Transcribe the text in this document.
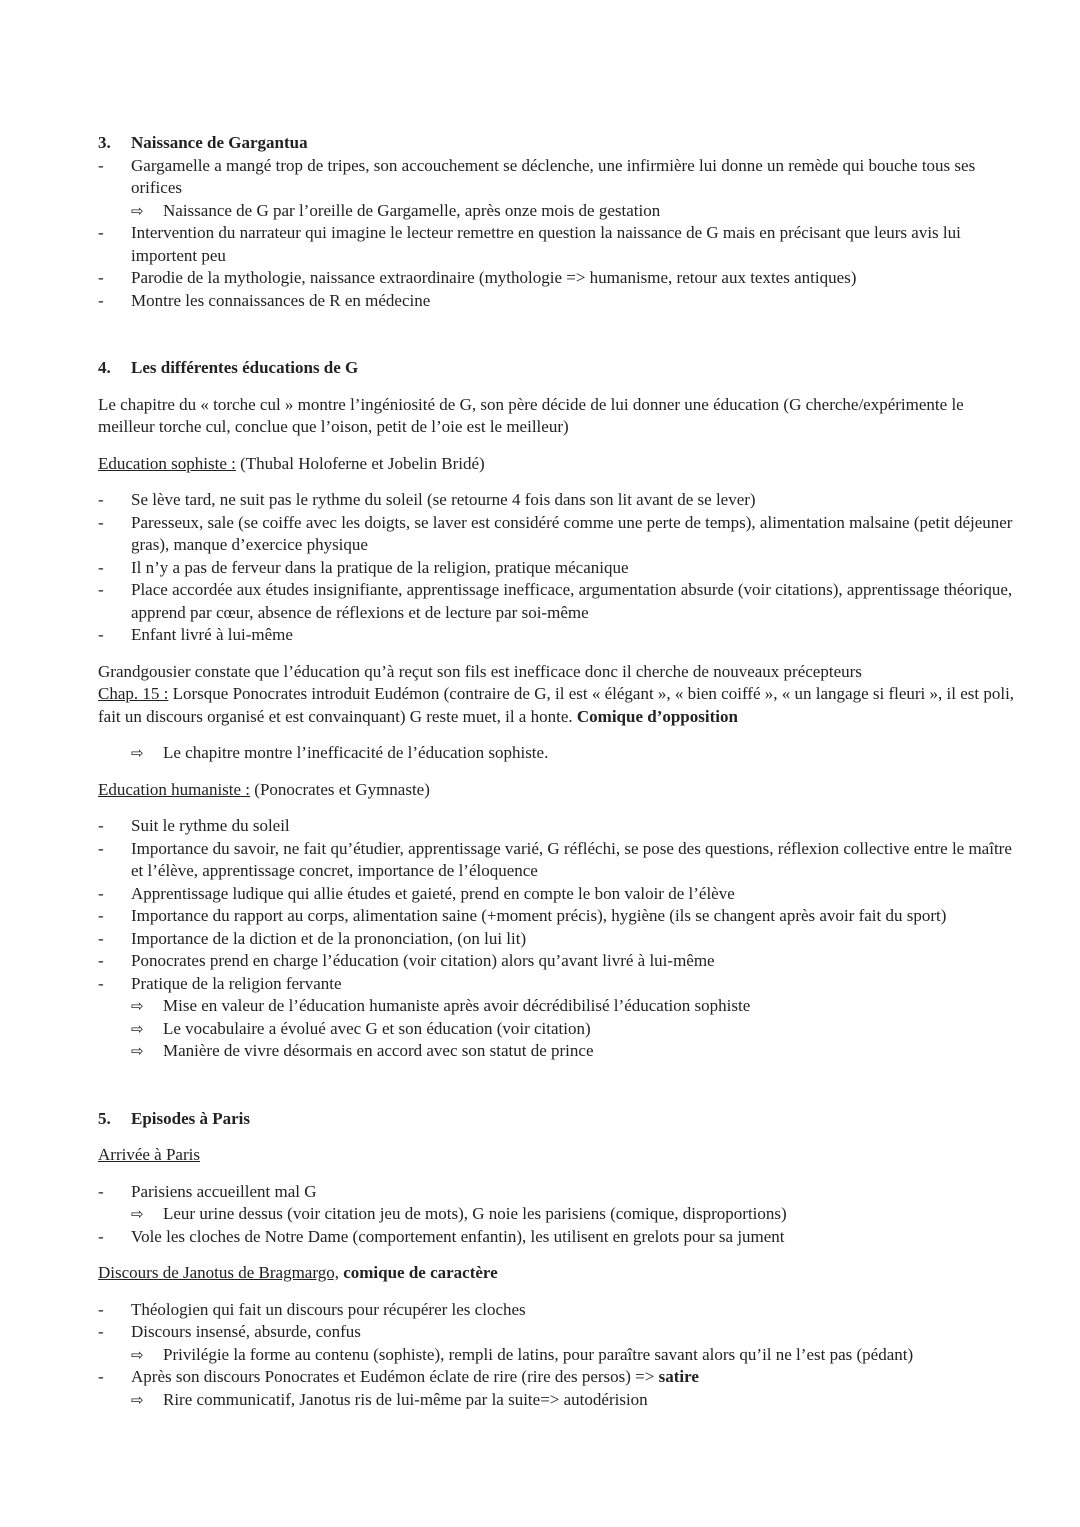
3. Naissance de Gargantua
- Gargamelle a mangé trop de tripes, son accouchement se déclenche, une infirmière lui donne un remède qui bouche tous ses orifices
⇨ Naissance de G par l’oreille de Gargamelle, après onze mois de gestation
- Intervention du narrateur qui imagine le lecteur remettre en question la naissance de G mais en précisant que leurs avis lui importent peu
- Parodie de la mythologie, naissance extraordinaire (mythologie => humanisme, retour aux textes antiques)
- Montre les connaissances de R en médecine
4. Les différentes éducations de G

Le chapitre du « torche cul » montre l’ingéniosité de G, son père décide de lui donner une éducation (G cherche/expérimente le meilleur torche cul, conclue que l’oison, petit de l’oie est le meilleur)

Education sophiste : (Thubal Holoferne et Jobelin Bridé)

- Se lève tard, ne suit pas le rythme du soleil (se retourne 4 fois dans son lit avant de se lever)
- Paresseux, sale (se coiffe avec les doigts, se laver est considéré comme une perte de temps), alimentation malsaine (petit déjeuner gras), manque d’exercice physique
- Il n’y a pas de ferveur dans la pratique de la religion, pratique mécanique
- Place accordée aux études insignifiante, apprentissage inefficace, argumentation absurde (voir citations), apprentissage théorique, apprend par cœur, absence de réflexions et de lecture par soi-même
- Enfant livré à lui-même

Grandgousier constate que l’éducation qu’à reçut son fils est inefficace donc il cherche de nouveaux précepteurs

Chap. 15 : Lorsque Ponocrates introduit Eudémon (contraire de G, il est « élégant », « bien coiffé », « un langage si fleuri », il est poli, fait un discours organisé et est convainquant) G reste muet, il a honte. Comique d’opposition

⇨ Le chapitre montre l’inefficacité de l’éducation sophiste.

Education humaniste : (Ponocrates et Gymnaste)

- Suit le rythme du soleil
- Importance du savoir, ne fait qu’étudier, apprentissage varié, G réfléchi, se pose des questions, réflexion collective entre le maître et l’élève, apprentissage concret, importance de l’éloquence
- Apprentissage ludique qui allie études et gaieté, prend en compte le bon valoir de l’élève
- Importance du rapport au corps, alimentation saine (+moment précis), hygiène (ils se changent après avoir fait du sport)
- Importance de la diction et de la prononciation, (on lui lit)
- Ponocrates prend en charge l’éducation (voir citation) alors qu’avant livré à lui-même
- Pratique de la religion fervante
⇨ Mise en valeur de l’éducation humaniste après avoir décrédibilisé l’éducation sophiste
⇨ Le vocabulaire a évolué avec G et son éducation (voir citation)
⇨ Manière de vivre désormais en accord avec son statut de prince
5. Episodes à Paris

Arrivée à Paris

- Parisiens accueillent mal G
⇨ Leur urine dessus (voir citation jeu de mots), G noie les parisiens (comique, disproportions)
- Vole les cloches de Notre Dame (comportement enfantin), les utilisent en grelots pour sa jument

Discours de Janotus de Bragmargo, comique de caractère

- Théologien qui fait un discours pour récupérer les cloches
- Discours insensé, absurde, confus
⇨ Privilégie la forme au contenu (sophiste), rempli de latins, pour paraître savant alors qu’il ne l’est pas (pédant)
- Après son discours Ponocrates et Eudémon éclate de rire (rire des persos) => satire
⇨ Rire communicatif, Janotus ris de lui-même par la suite=> autodérision
